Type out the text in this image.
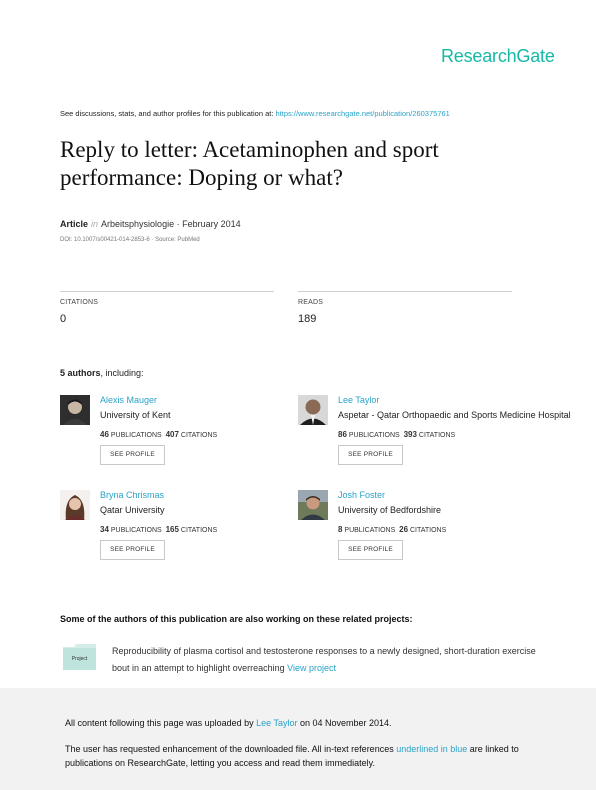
ResearchGate
See discussions, stats, and author profiles for this publication at: https://www.researchgate.net/publication/260375761
Reply to letter: Acetaminophen and sport performance: Doping or what?
Article in Arbeitsphysiologie · February 2014
DOI: 10.1007/s00421-014-2853-6 · Source: PubMed
CITATIONS
0
READS
189
5 authors, including:
Alexis Mauger
University of Kent
46 PUBLICATIONS 407 CITATIONS
SEE PROFILE
Lee Taylor
Aspetar - Qatar Orthopaedic and Sports Medicine Hospital
86 PUBLICATIONS 393 CITATIONS
SEE PROFILE
Bryna Chrismas
Qatar University
34 PUBLICATIONS 165 CITATIONS
SEE PROFILE
Josh Foster
University of Bedfordshire
8 PUBLICATIONS 26 CITATIONS
SEE PROFILE
Some of the authors of this publication are also working on these related projects:
Project
Reproducibility of plasma cortisol and testosterone responses to a newly designed, short-duration exercise bout in an attempt to highlight overreaching View project
All content following this page was uploaded by Lee Taylor on 04 November 2014.
The user has requested enhancement of the downloaded file. All in-text references underlined in blue are linked to publications on ResearchGate, letting you access and read them immediately.
